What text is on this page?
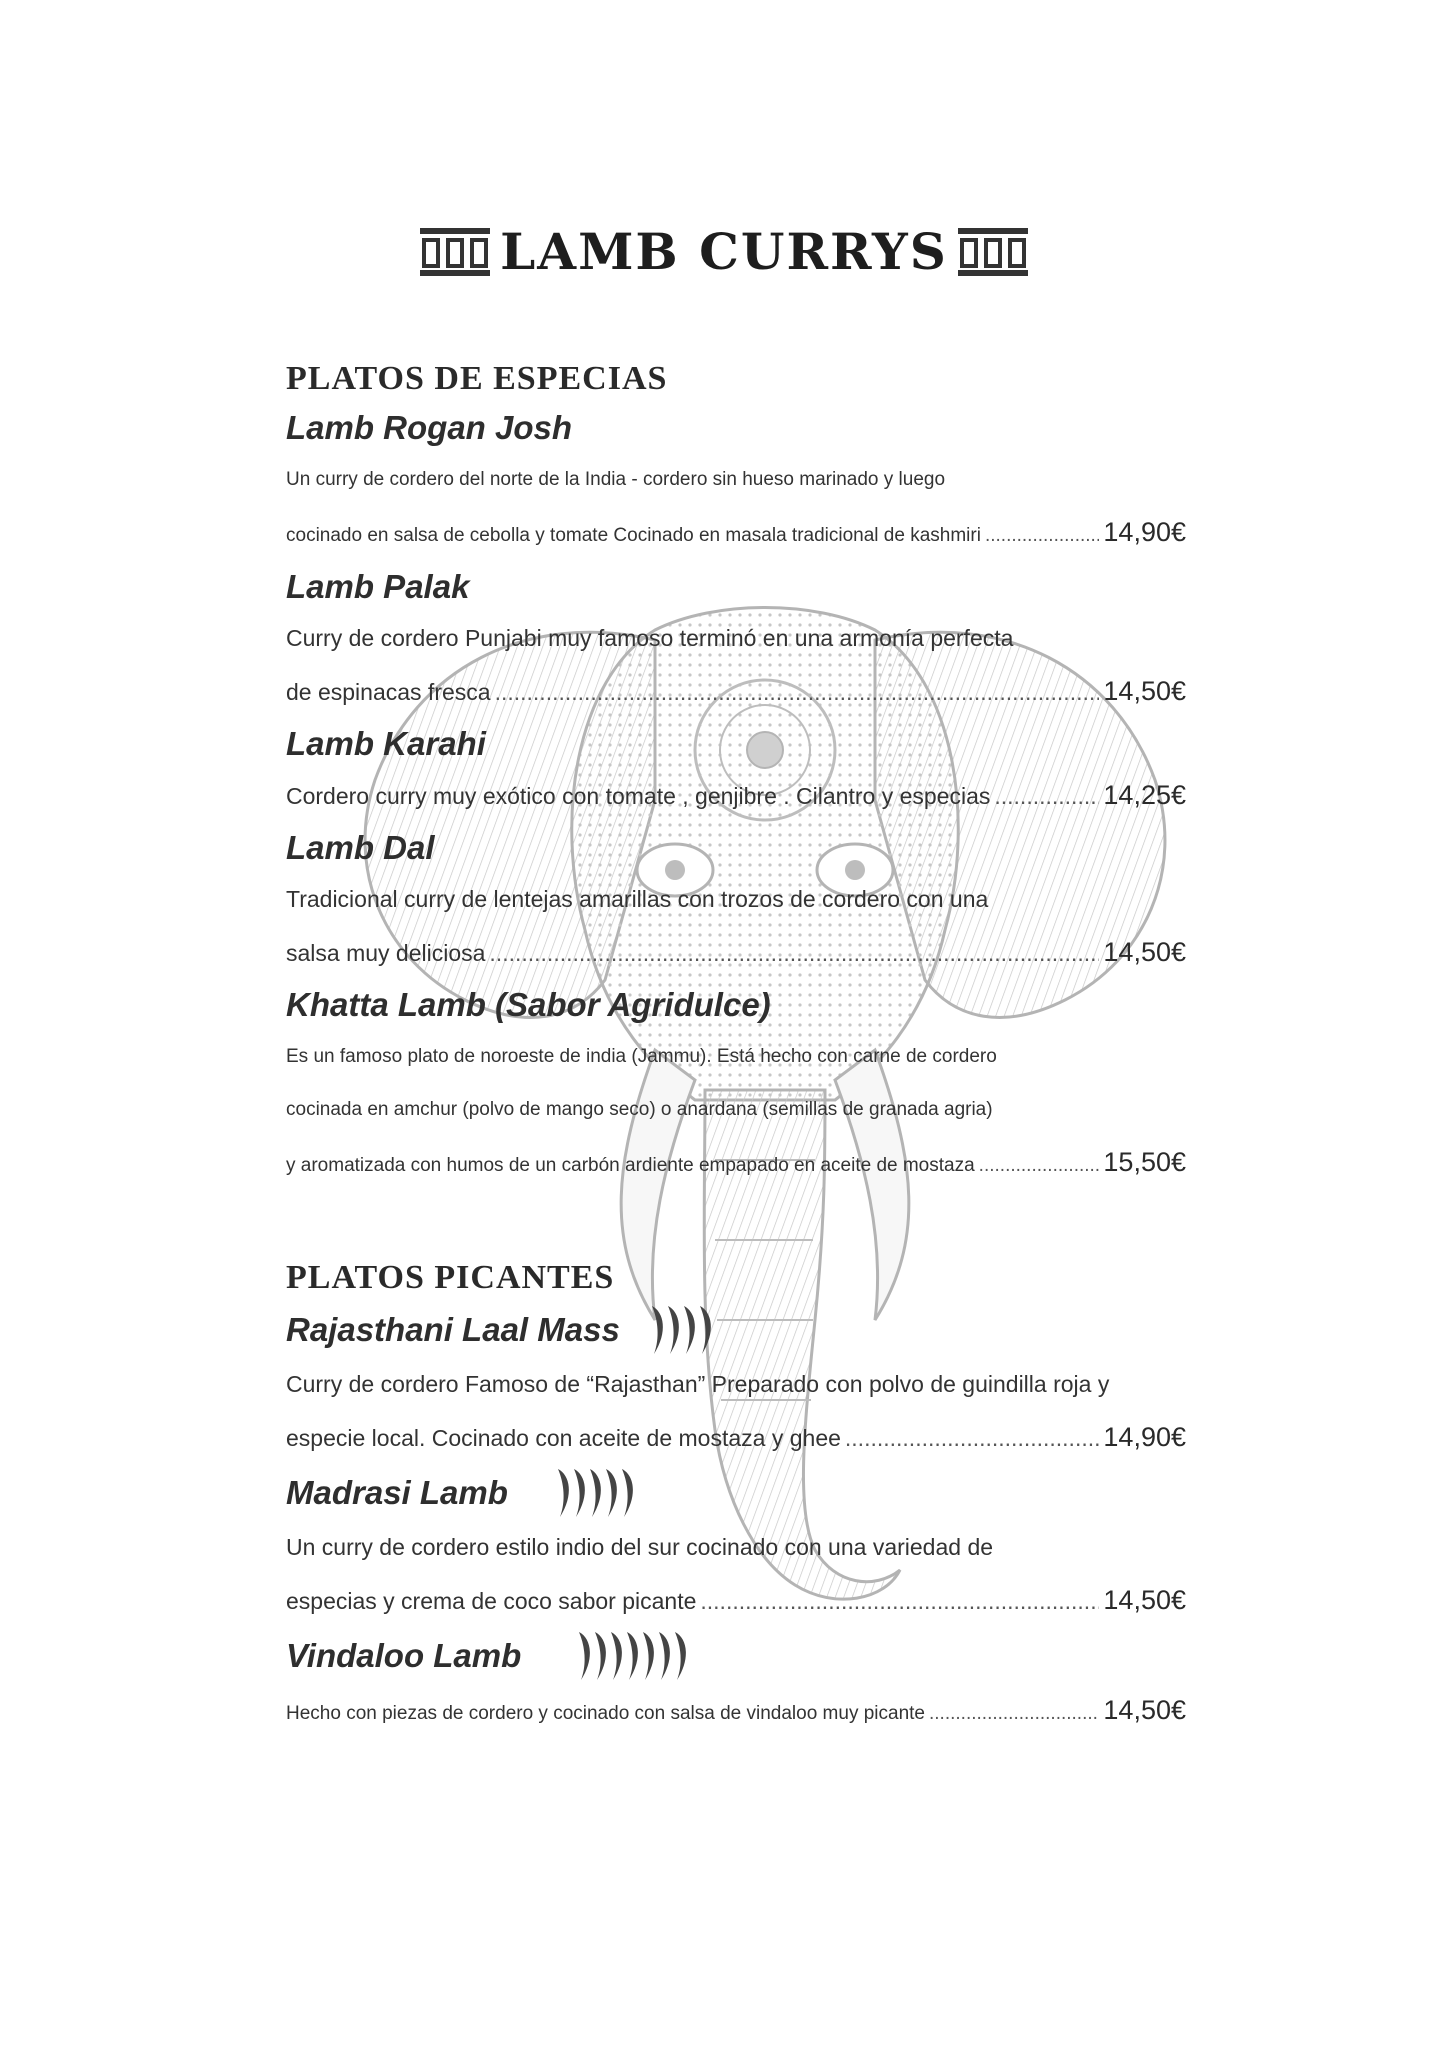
LAMB CURRYS
PLATOS DE ESPECIAS
Lamb Rogan Josh
Un curry de cordero del norte de la India - cordero sin hueso marinado y luego
cocinado en salsa de cebolla y tomate Cocinado en masala tradicional de kashmiri .....	14,90€
Lamb Palak
Curry de cordero Punjabi muy famoso terminó en una armonía perfecta
de espinacas fresca .....	14,50€
Lamb Karahi
Cordero curry muy exótico con tomate , genjibre . Cilantro y especias .....	14,25€
Lamb Dal
Tradicional curry de lentejas amarillas con trozos de cordero con una
salsa muy deliciosa .....	14,50€
Khatta Lamb (Sabor Agridulce)
Es un famoso plato de noroeste de india (Jammu). Está hecho con carne de cordero
cocinada en amchur (polvo de mango seco) o anardana (semillas de granada agria)
y aromatizada con humos de un carbón ardiente empapado en aceite de mostaza .....	15,50€
PLATOS PICANTES
Rajasthani Laal Mass
Curry de cordero Famoso de “Rajasthan” Preparado con polvo de guindilla roja y
especie local. Cocinado con aceite de mostaza y ghee .....	14,90€
Madrasi Lamb
Un curry de cordero estilo indio del sur cocinado con una variedad de
especias y crema de coco sabor picante .....	14,50€
Vindaloo Lamb
Hecho con piezas de cordero y cocinado con salsa de vindaloo muy picante .....	14,50€
